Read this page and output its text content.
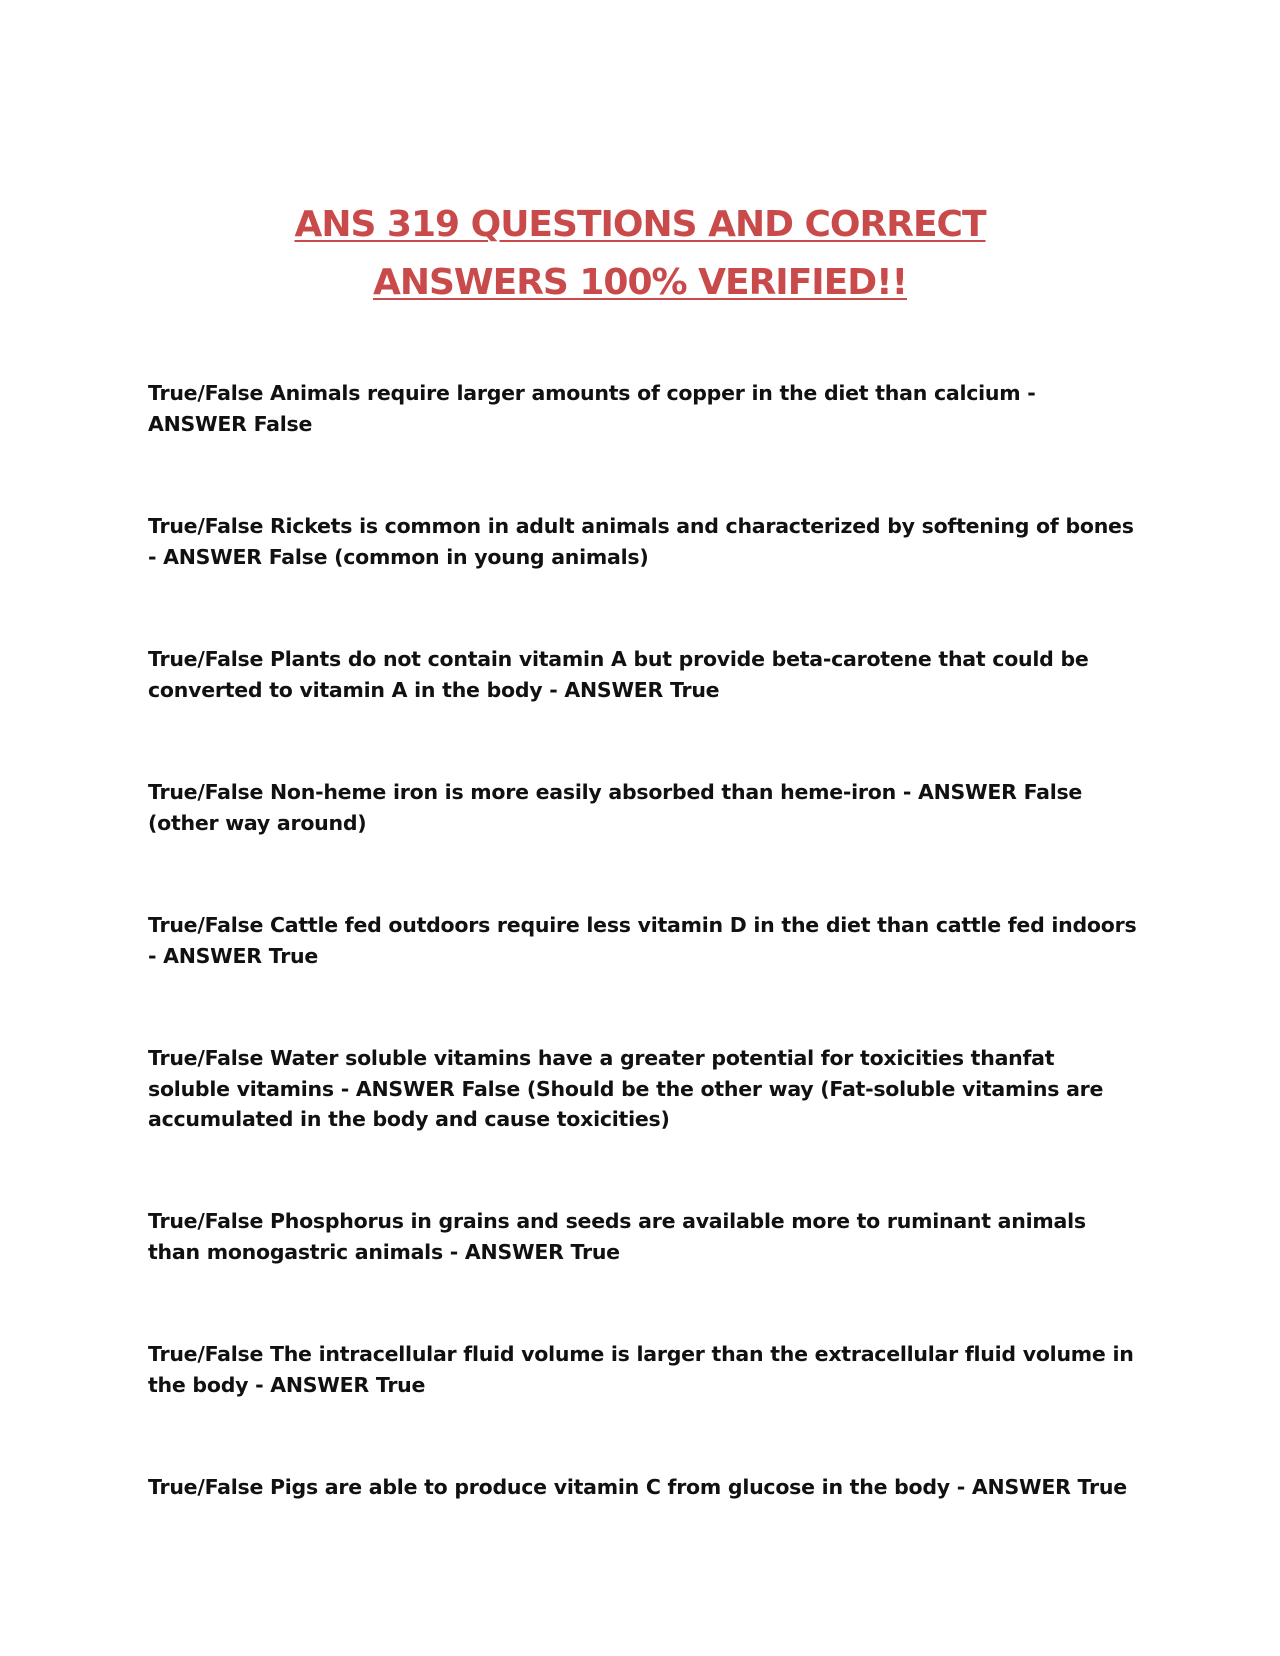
ANS 319 QUESTIONS AND CORRECT
ANSWERS 100% VERIFIED!!

True/False Animals require larger amounts of copper in the diet than calcium - ANSWER False

True/False Rickets is common in adult animals and characterized by softening of bones - ANSWER False (common in young animals)

True/False Plants do not contain vitamin A but provide beta-carotene that could be converted to vitamin A in the body - ANSWER True

True/False Non-heme iron is more easily absorbed than heme-iron - ANSWER False (other way around)

True/False Cattle fed outdoors require less vitamin D in the diet than cattle fed indoors - ANSWER True

True/False Water soluble vitamins have a greater potential for toxicities thanfat soluble vitamins - ANSWER False (Should be the other way (Fat-soluble vitamins are accumulated in the body and cause toxicities)

True/False Phosphorus in grains and seeds are available more to ruminant animals than monogastric animals - ANSWER True

True/False The intracellular fluid volume is larger than the extracellular fluid volume in the body - ANSWER True

True/False Pigs are able to produce vitamin C from glucose in the body - ANSWER True
